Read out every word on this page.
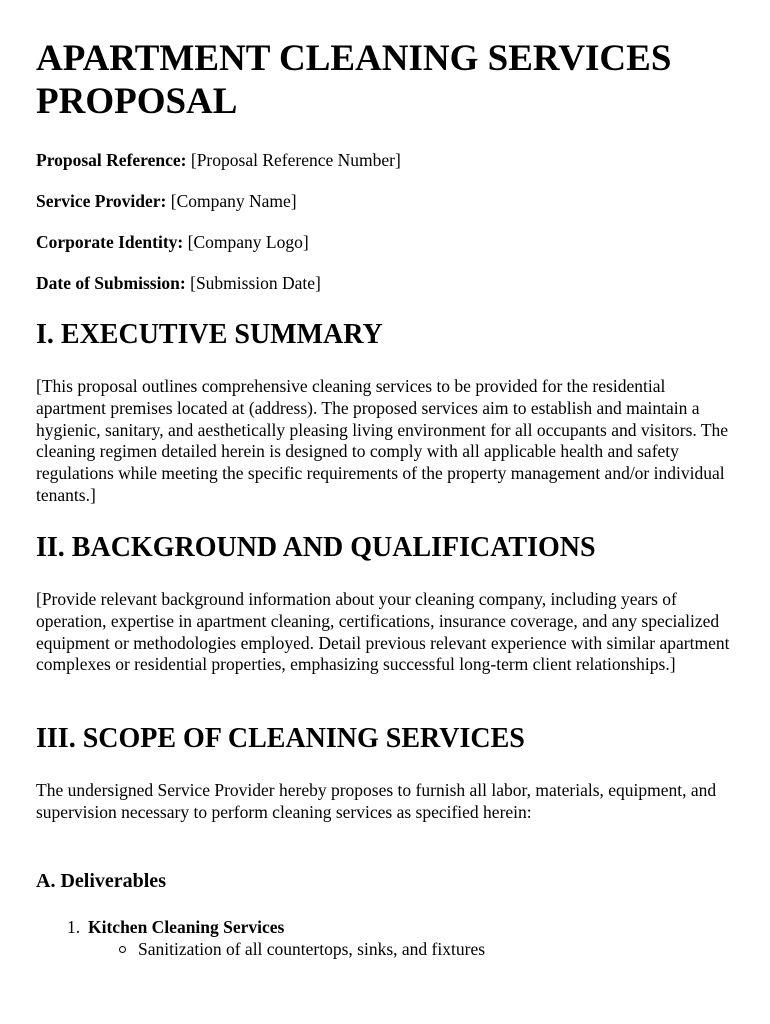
APARTMENT CLEANING SERVICES PROPOSAL
Proposal Reference: [Proposal Reference Number]
Service Provider: [Company Name]
Corporate Identity: [Company Logo]
Date of Submission: [Submission Date]
I. EXECUTIVE SUMMARY

[This proposal outlines comprehensive cleaning services to be provided for the residential apartment premises located at (address). The proposed services aim to establish and maintain a hygienic, sanitary, and aesthetically pleasing living environment for all occupants and visitors. The cleaning regimen detailed herein is designed to comply with all applicable health and safety regulations while meeting the specific requirements of the property management and/or individual tenants.]

II. BACKGROUND AND QUALIFICATIONS

[Provide relevant background information about your cleaning company, including years of operation, expertise in apartment cleaning, certifications, insurance coverage, and any specialized equipment or methodologies employed. Detail previous relevant experience with similar apartment complexes or residential properties, emphasizing successful long-term client relationships.]

III. SCOPE OF CLEANING SERVICES

The undersigned Service Provider hereby proposes to furnish all labor, materials, equipment, and supervision necessary to perform cleaning services as specified herein:

A. Deliverables
1. Kitchen Cleaning Services
Sanitization of all countertops, sinks, and fixtures
